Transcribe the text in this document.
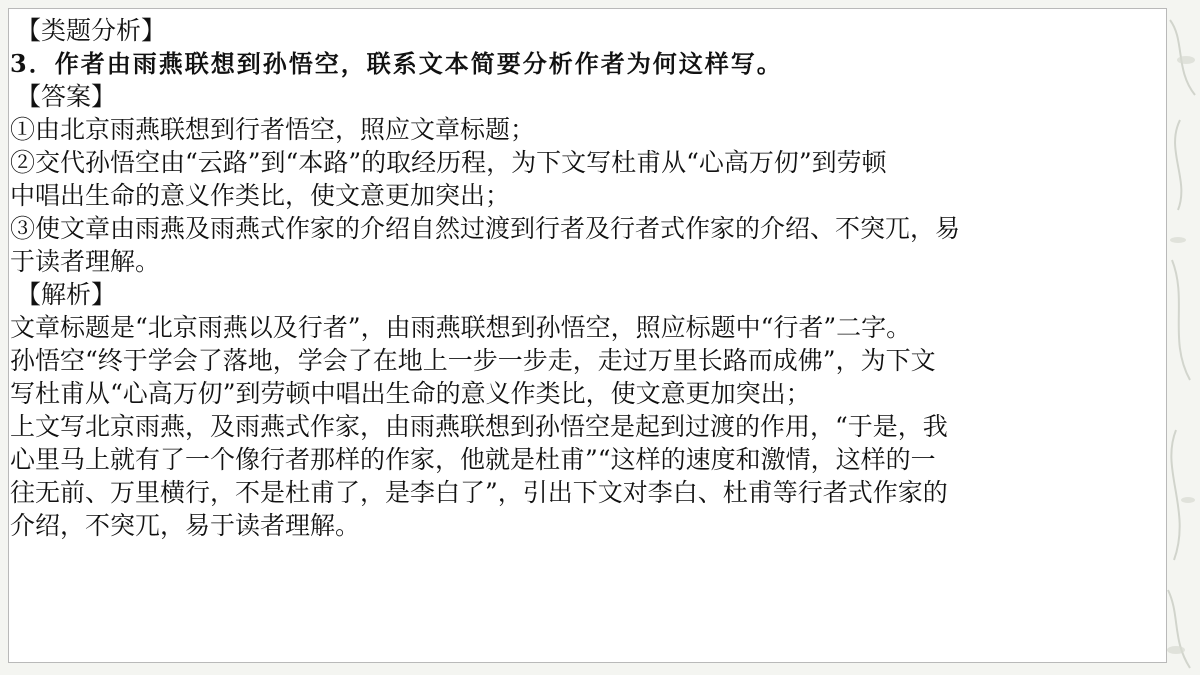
【类题分析】
3．作者由雨燕联想到孙悟空，联系文本简要分析作者为何这样写。
【答案】
①由北京雨燕联想到行者悟空，照应文章标题；
②交代孙悟空由“云路”到“本路”的取经历程，为下文写杜甫从“心高万仞”到劳顿
中唱出生命的意义作类比，使文意更加突出；
③使文章由雨燕及雨燕式作家的介绍自然过渡到行者及行者式作家的介绍、不突兀，易
于读者理解。
【解析】
文章标题是“北京雨燕以及行者”，由雨燕联想到孙悟空，照应标题中“行者”二字。
孙悟空“终于学会了落地，学会了在地上一步一步走，走过万里长路而成佛”，为下文
写杜甫从“心高万仞”到劳顿中唱出生命的意义作类比，使文意更加突出；
上文写北京雨燕，及雨燕式作家，由雨燕联想到孙悟空是起到过渡的作用，“于是，我
心里马上就有了一个像行者那样的作家，他就是杜甫”“这样的速度和激情，这样的一
往无前、万里横行，不是杜甫了，是李白了”，引出下文对李白、杜甫等行者式作家的
介绍，不突兀，易于读者理解。
